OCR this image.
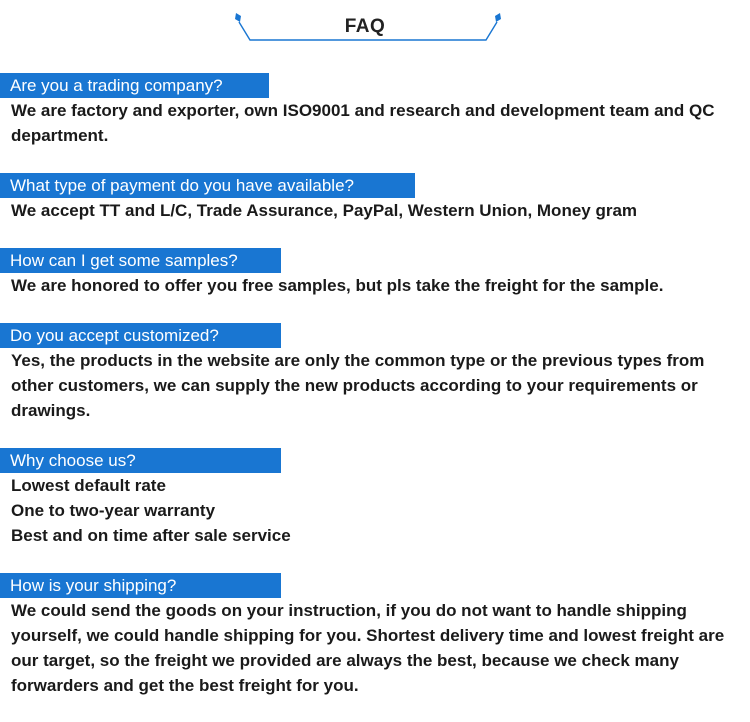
FAQ
Are you a trading company?
We are factory and exporter, own ISO9001 and research and development team and QC department.
What type of payment do you have available?
We accept TT and L/C, Trade Assurance, PayPal, Western Union, Money gram
How can I get some samples?
We are honored to offer you free samples, but pls take the freight for the sample.
Do you accept customized?
Yes, the products in the website are only the common type or the previous types from other customers, we can supply the new products according to your requirements or drawings.
Why choose us?
Lowest default rate
One to two-year warranty
Best and on time after sale service
How is your shipping?
We could send the goods on your instruction, if you do not want to handle shipping yourself, we could handle shipping for you. Shortest delivery time and lowest freight are our target, so the freight we provided are always the best, because we check many forwarders and get the best freight for you.
